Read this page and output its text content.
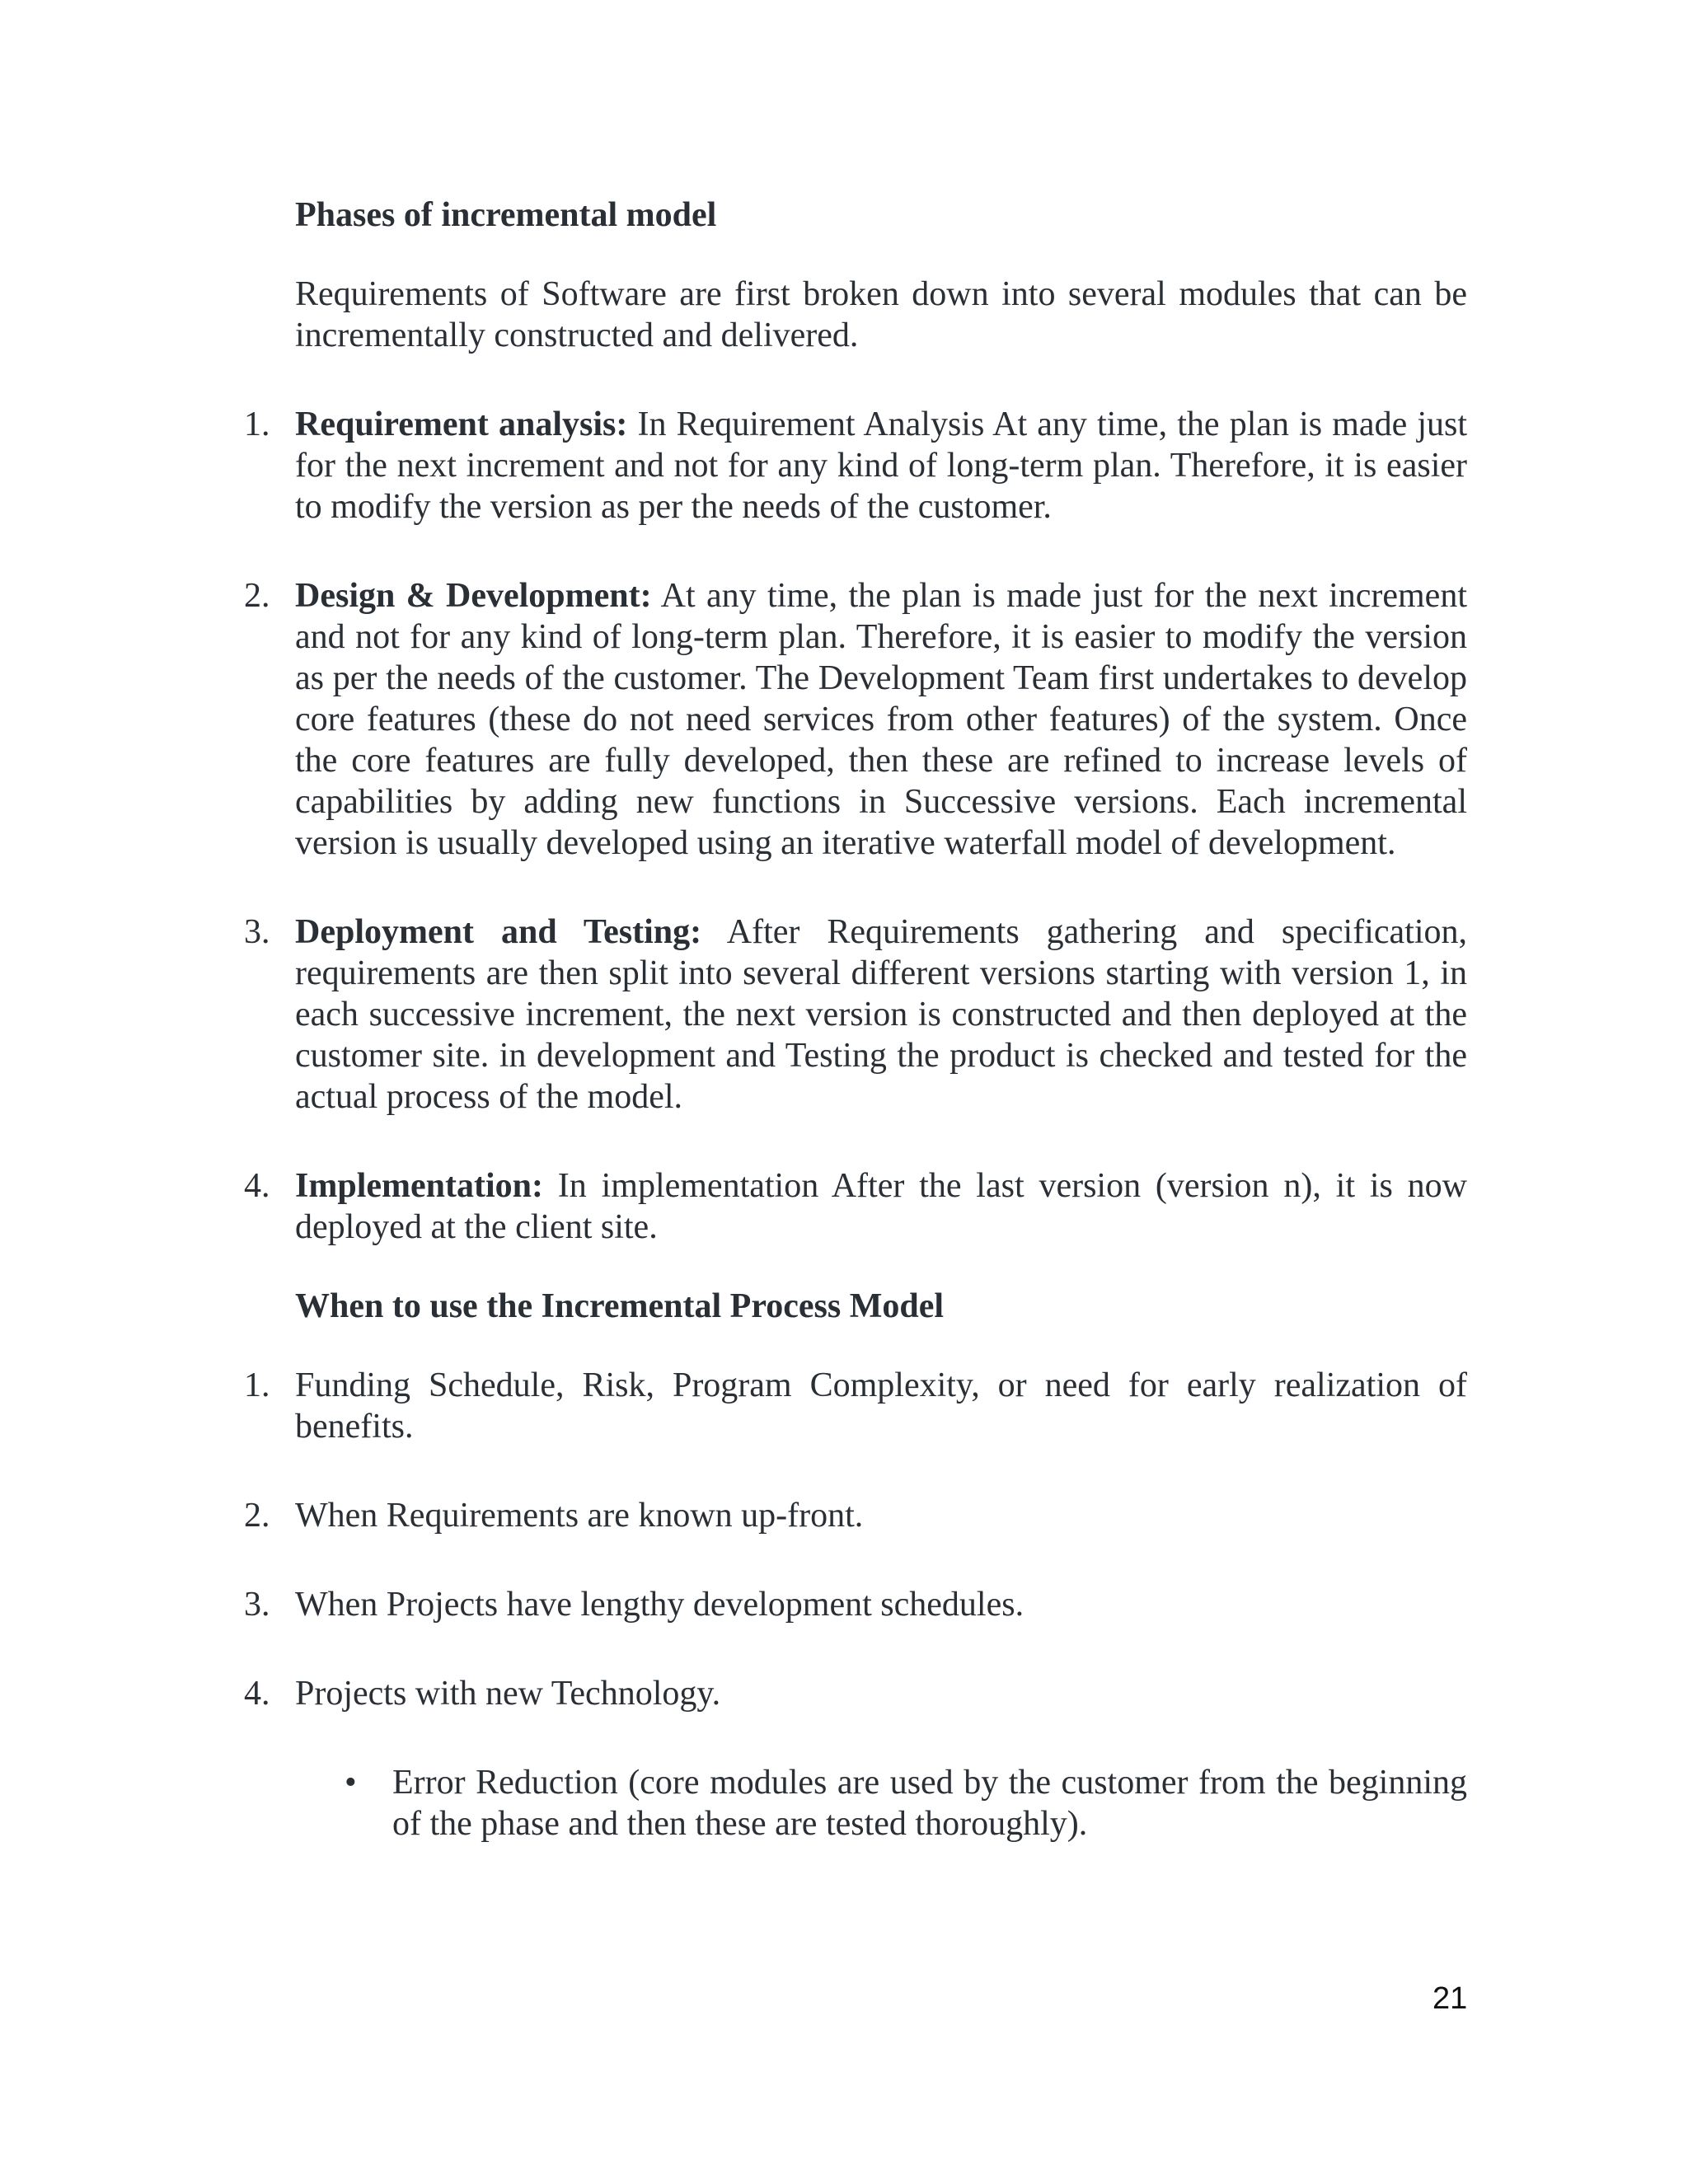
Phases of incremental model

Requirements of Software are first broken down into several modules that can be incrementally constructed and delivered.

1. Requirement analysis: In Requirement Analysis At any time, the plan is made just for the next increment and not for any kind of long-term plan. Therefore, it is easier to modify the version as per the needs of the customer.
2. Design & Development: At any time, the plan is made just for the next increment and not for any kind of long-term plan. Therefore, it is easier to modify the version as per the needs of the customer. The Development Team first undertakes to develop core features (these do not need services from other features) of the system. Once the core features are fully developed, then these are refined to increase levels of capabilities by adding new functions in Successive versions. Each incremental version is usually developed using an iterative waterfall model of development.
3. Deployment and Testing: After Requirements gathering and specification, requirements are then split into several different versions starting with version 1, in each successive increment, the next version is constructed and then deployed at the customer site. in development and Testing the product is checked and tested for the actual process of the model.
4. Implementation: In implementation After the last version (version n), it is now deployed at the client site.
When to use the Incremental Process Model
1. Funding Schedule, Risk, Program Complexity, or need for early realization of benefits.
2. When Requirements are known up-front.
3. When Projects have lengthy development schedules.
4. Projects with new Technology.
• Error Reduction (core modules are used by the customer from the beginning of the phase and then these are tested thoroughly).
21
